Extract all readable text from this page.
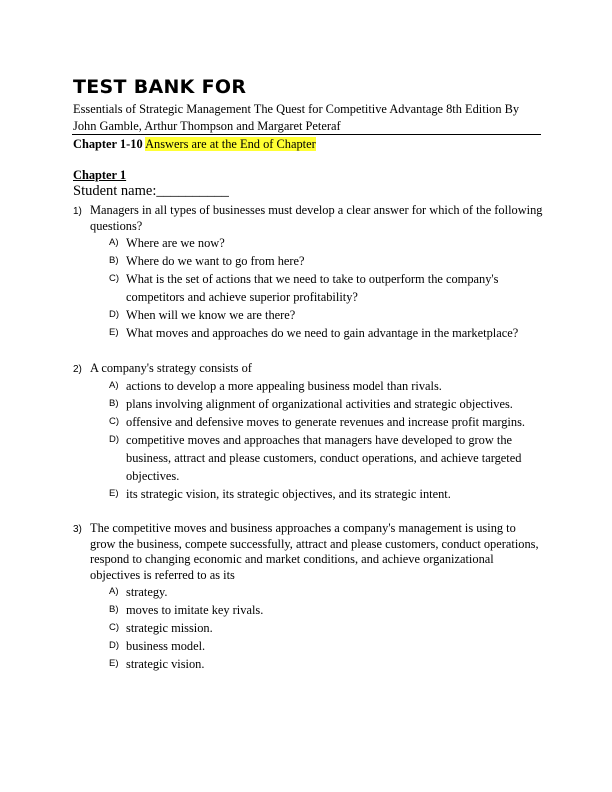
TEST BANK FOR
Essentials of Strategic Management The Quest for Competitive Advantage 8th Edition By John Gamble, Arthur Thompson and Margaret Peteraf
Chapter 1-10 Answers are at the End of Chapter
Chapter 1
Student name:__________
1) Managers in all types of businesses must develop a clear answer for which of the following questions?
A) Where are we now?
B) Where do we want to go from here?
C) What is the set of actions that we need to take to outperform the company's competitors and achieve superior profitability?
D) When will we know we are there?
E) What moves and approaches do we need to gain advantage in the marketplace?
2) A company's strategy consists of
A) actions to develop a more appealing business model than rivals.
B) plans involving alignment of organizational activities and strategic objectives.
C) offensive and defensive moves to generate revenues and increase profit margins.
D) competitive moves and approaches that managers have developed to grow the business, attract and please customers, conduct operations, and achieve targeted objectives.
E) its strategic vision, its strategic objectives, and its strategic intent.
3) The competitive moves and business approaches a company's management is using to grow the business, compete successfully, attract and please customers, conduct operations, respond to changing economic and market conditions, and achieve organizational objectives is referred to as its
A) strategy.
B) moves to imitate key rivals.
C) strategic mission.
D) business model.
E) strategic vision.
